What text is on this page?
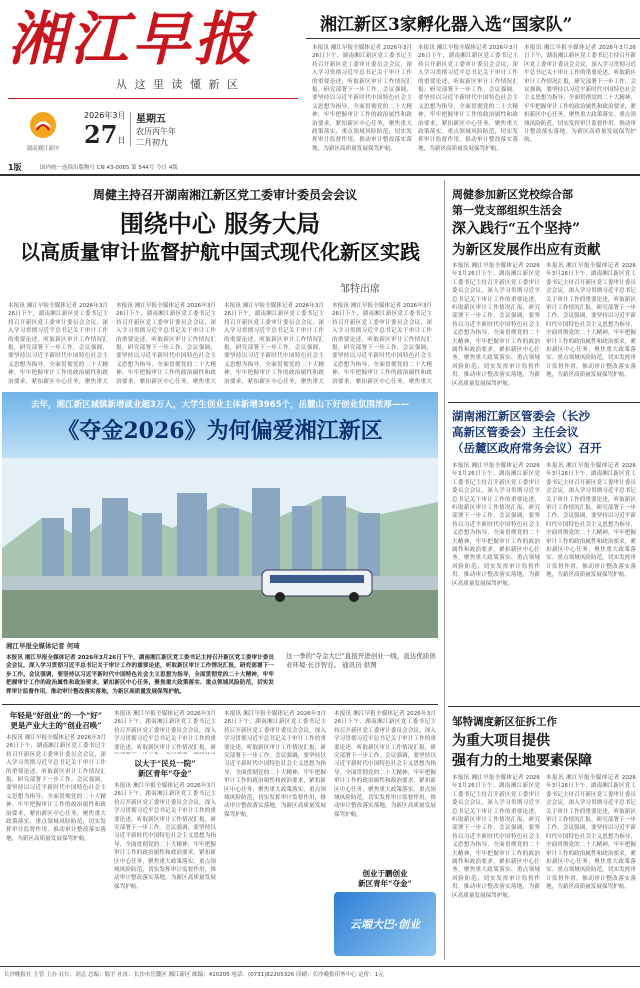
湘江早报
从 这 里 读 懂 新 区
湖南湘江新区
2026年3月
27日
星期五
农历丙午年
二月初九
1版	国内统一连续出版物号 CN 43-0065 第 544号 今日 4版
湘江新区3家孵化器入选“国家队”
本报讯 湘江早报全媒体记者 2026年3月26日下午，湖南湘江新区党工委书记主持召开新区党工委审计委员会会议，深入学习贯彻习近平总书记关于审计工作的重要论述，听取新区审计工作情况汇报，研究部署下一步工作。会议强调，要坚持以习近平新时代中国特色社会主义思想为指导，全面贯彻党的二十大精神，牢牢把握审计工作的政治属性和政治要求，紧扣新区中心任务，聚焦重大政策落实、重点领域风险防范，切实发挥审计监督作用，推动审计整改落实落地，为新区高质量发展保驾护航。
本报讯 湘江早报全媒体记者 2026年3月26日下午，湖南湘江新区党工委书记主持召开新区党工委审计委员会会议，深入学习贯彻习近平总书记关于审计工作的重要论述，听取新区审计工作情况汇报，研究部署下一步工作。会议强调，要坚持以习近平新时代中国特色社会主义思想为指导，全面贯彻党的二十大精神，牢牢把握审计工作的政治属性和政治要求，紧扣新区中心任务，聚焦重大政策落实、重点领域风险防范，切实发挥审计监督作用，推动审计整改落实落地，为新区高质量发展保驾护航。
本报讯 湘江早报全媒体记者 2026年3月26日下午，湖南湘江新区党工委书记主持召开新区党工委审计委员会会议，深入学习贯彻习近平总书记关于审计工作的重要论述，听取新区审计工作情况汇报，研究部署下一步工作。会议强调，要坚持以习近平新时代中国特色社会主义思想为指导，全面贯彻党的二十大精神，牢牢把握审计工作的政治属性和政治要求，紧扣新区中心任务，聚焦重大政策落实、重点领域风险防范，切实发挥审计监督作用，推动审计整改落实落地，为新区高质量发展保驾护航。
周健主持召开湖南湘江新区党工委审计委员会会议
围绕中心 服务大局
以高质量审计监督护航中国式现代化新区实践
邹特出席
本报讯 湘江早报全媒体记者 2026年3月26日下午，湖南湘江新区党工委书记主持召开新区党工委审计委员会会议，深入学习贯彻习近平总书记关于审计工作的重要论述，听取新区审计工作情况汇报，研究部署下一步工作。会议强调，要坚持以习近平新时代中国特色社会主义思想为指导，全面贯彻党的二十大精神，牢牢把握审计工作的政治属性和政治要求，紧扣新区中心任务，聚焦重大
本报讯 湘江早报全媒体记者 2026年3月26日下午，湖南湘江新区党工委书记主持召开新区党工委审计委员会会议，深入学习贯彻习近平总书记关于审计工作的重要论述，听取新区审计工作情况汇报，研究部署下一步工作。会议强调，要坚持以习近平新时代中国特色社会主义思想为指导，全面贯彻党的二十大精神，牢牢把握审计工作的政治属性和政治要求，紧扣新区中心任务，聚焦重大
本报讯 湘江早报全媒体记者 2026年3月26日下午，湖南湘江新区党工委书记主持召开新区党工委审计委员会会议，深入学习贯彻习近平总书记关于审计工作的重要论述，听取新区审计工作情况汇报，研究部署下一步工作。会议强调，要坚持以习近平新时代中国特色社会主义思想为指导，全面贯彻党的二十大精神，牢牢把握审计工作的政治属性和政治要求，紧扣新区中心任务，聚焦重大
本报讯 湘江早报全媒体记者 2026年3月26日下午，湖南湘江新区党工委书记主持召开新区党工委审计委员会会议，深入学习贯彻习近平总书记关于审计工作的重要论述，听取新区审计工作情况汇报，研究部署下一步工作。会议强调，要坚持以习近平新时代中国特色社会主义思想为指导，全面贯彻党的二十大精神，牢牢把握审计工作的政治属性和政治要求，紧扣新区中心任务，聚焦重大
去年，湘江新区城镇新增就业超3万人，大学生创业主体新增3965个，岳麓山下好创业氛围浓厚——
《夺金2026》为何偏爱湘江新区
湘江早报全媒体记者 何琦
本报讯 湘江早报全媒体记者 2026年3月26日下午，湖南湘江新区党工委书记主持召开新区党工委审计委员会会议，深入学习贯彻习近平总书记关于审计工作的重要论述，听取新区审计工作情况汇报，研究部署下一步工作。会议强调，要坚持以习近平新时代中国特色社会主义思想为指导，全面贯彻党的二十大精神，牢牢把握审计工作的政治属性和政治要求，紧扣新区中心任务，聚焦重大政策落实、重点领域风险防范，切实发挥审计监督作用，推动审计整改落实落地，为新区高质量发展保驾护航。
这一季的“夺金大巴”直接开进创业一线，直达优质创业环境·长沙智谷。 通讯员 供图
年轻是“好创业”的一个“好”
更是产业大主的“创业召唤”
本报讯 湘江早报全媒体记者 2026年3月26日下午，湖南湘江新区党工委书记主持召开新区党工委审计委员会会议，深入学习贯彻习近平总书记关于审计工作的重要论述，听取新区审计工作情况汇报，研究部署下一步工作。会议强调，要坚持以习近平新时代中国特色社会主义思想为指导，全面贯彻党的二十大精神，牢牢把握审计工作的政治属性和政治要求，紧扣新区中心任务，聚焦重大政策落实、重点领域风险防范，切实发挥审计监督作用，推动审计整改落实落地，为新区高质量发展保驾护航。
本报讯 湘江早报全媒体记者 2026年3月26日下午，湖南湘江新区党工委书记主持召开新区党工委审计委员会会议，深入学习贯彻习近平总书记关于审计工作的重要论述，听取新区审计工作情况汇报，研
以大于“民兑一院”
新区青年“夺金”
本报讯 湘江早报全媒体记者 2026年3月26日下午，湖南湘江新区党工委书记主持召开新区党工委审计委员会会议，深入学习贯彻习近平总书记关于审计工作的重要论述，听取新区审计工作情况汇报，研究部署下一步工作。会议强调，要坚持以习近平新时代中国特色社会主义思想为指导，全面贯彻党的二十大精神，牢牢把握审计工作的政治属性和政治要求，紧扣新区中心任务，聚焦重大政策落实、重点领域风险防范，切实发挥审计监督作用，推动审计整改落实落地，为新区高质量发展保驾护航。
本报讯 湘江早报全媒体记者 2026年3月26日下午，湖南湘江新区党工委书记主持召开新区党工委审计委员会会议，深入学习贯彻习近平总书记关于审计工作的重要论述，听取新区审计工作情况汇报，研究部署下一步工作。会议强调，要坚持以习近平新时代中国特色社会主义思想为指导，全面贯彻党的二十大精神，牢牢把握审计工作的政治属性和政治要求，紧扣新区中心任务，聚焦重大政策落实、重点领域风险防范，切实发挥审计监督作用，推动审计整改落实落地，为新区高质量发展保驾护航。
本报讯 湘江早报全媒体记者 2026年3月26日下午，湖南湘江新区党工委书记主持召开新区党工委审计委员会会议，深入学习贯彻习近平总书记关于审计工作的重要论述，听取新区审计工作情况汇报，研究部署下一步工作。会议强调，要坚持以习近平新时代中国特色社会主义思想为指导，全面贯彻党的二十大精神，牢牢把握审计工作的政治属性和政治要求，紧扣新区中心任务，聚焦重大政策落实、重点领域风险防范，切实发挥审计监督作用，推动审计整改落实落地，为新区高质量发展保驾护航。
创业于鹏创业
新区青年“夺金”
云端大巴·创业
周健参加新区党校综合部
第一党支部组织生活会
深入践行“五个坚持”
为新区发展作出应有贡献
本报讯 湘江早报全媒体记者 2026年3月26日下午，湖南湘江新区党工委书记主持召开新区党工委审计委员会会议，深入学习贯彻习近平总书记关于审计工作的重要论述，听取新区审计工作情况汇报，研究部署下一步工作。会议强调，要坚持以习近平新时代中国特色社会主义思想为指导，全面贯彻党的二十大精神，牢牢把握审计工作的政治属性和政治要求，紧扣新区中心任务，聚焦重大政策落实、重点领域风险防范，切实发挥审计监督作用，推动审计整改落实落地，为新区高质量发展保驾护航。
本报讯 湘江早报全媒体记者 2026年3月26日下午，湖南湘江新区党工委书记主持召开新区党工委审计委员会会议，深入学习贯彻习近平总书记关于审计工作的重要论述，听取新区审计工作情况汇报，研究部署下一步工作。会议强调，要坚持以习近平新时代中国特色社会主义思想为指导，全面贯彻党的二十大精神，牢牢把握审计工作的政治属性和政治要求，紧扣新区中心任务，聚焦重大政策落实、重点领域风险防范，切实发挥审计监督作用，推动审计整改落实落地，为新区高质量发展保驾护航。
湖南湘江新区管委会（长沙
高新区管委会）主任会议
（岳麓区政府常务会议）召开
本报讯 湘江早报全媒体记者 2026年3月26日下午，湖南湘江新区党工委书记主持召开新区党工委审计委员会会议，深入学习贯彻习近平总书记关于审计工作的重要论述，听取新区审计工作情况汇报，研究部署下一步工作。会议强调，要坚持以习近平新时代中国特色社会主义思想为指导，全面贯彻党的二十大精神，牢牢把握审计工作的政治属性和政治要求，紧扣新区中心任务，聚焦重大政策落实、重点领域风险防范，切实发挥审计监督作用，推动审计整改落实落地，为新区高质量发展保驾护航。
本报讯 湘江早报全媒体记者 2026年3月26日下午，湖南湘江新区党工委书记主持召开新区党工委审计委员会会议，深入学习贯彻习近平总书记关于审计工作的重要论述，听取新区审计工作情况汇报，研究部署下一步工作。会议强调，要坚持以习近平新时代中国特色社会主义思想为指导，全面贯彻党的二十大精神，牢牢把握审计工作的政治属性和政治要求，紧扣新区中心任务，聚焦重大政策落实、重点领域风险防范，切实发挥审计监督作用，推动审计整改落实落地，为新区高质量发展保驾护航。
邹特调度新区征拆工作
为重大项目提供
强有力的土地要素保障
本报讯 湘江早报全媒体记者 2026年3月26日下午，湖南湘江新区党工委书记主持召开新区党工委审计委员会会议，深入学习贯彻习近平总书记关于审计工作的重要论述，听取新区审计工作情况汇报，研究部署下一步工作。会议强调，要坚持以习近平新时代中国特色社会主义思想为指导，全面贯彻党的二十大精神，牢牢把握审计工作的政治属性和政治要求，紧扣新区中心任务，聚焦重大政策落实、重点领域风险防范，切实发挥审计监督作用，推动审计整改落实落地，为新区高质量发展保驾护航。
本报讯 湘江早报全媒体记者 2026年3月26日下午，湖南湘江新区党工委书记主持召开新区党工委审计委员会会议，深入学习贯彻习近平总书记关于审计工作的重要论述，听取新区审计工作情况汇报，研究部署下一步工作。会议强调，要坚持以习近平新时代中国特色社会主义思想为指导，全面贯彻党的二十大精神，牢牢把握审计工作的政治属性和政治要求，紧扣新区中心任务，聚焦重大政策落实、重点领域风险防范，切实发挥审计监督作用，推动审计整改落实落地，为新区高质量发展保驾护航。
长沙晚报社 主管 主办 社长：刘孟 总编：陈宇 社址：长沙市岳麓区 湘江新区 邮编：410205 电话：(0731)82205326 印刷：长沙晚报印务中心 定价：1元
